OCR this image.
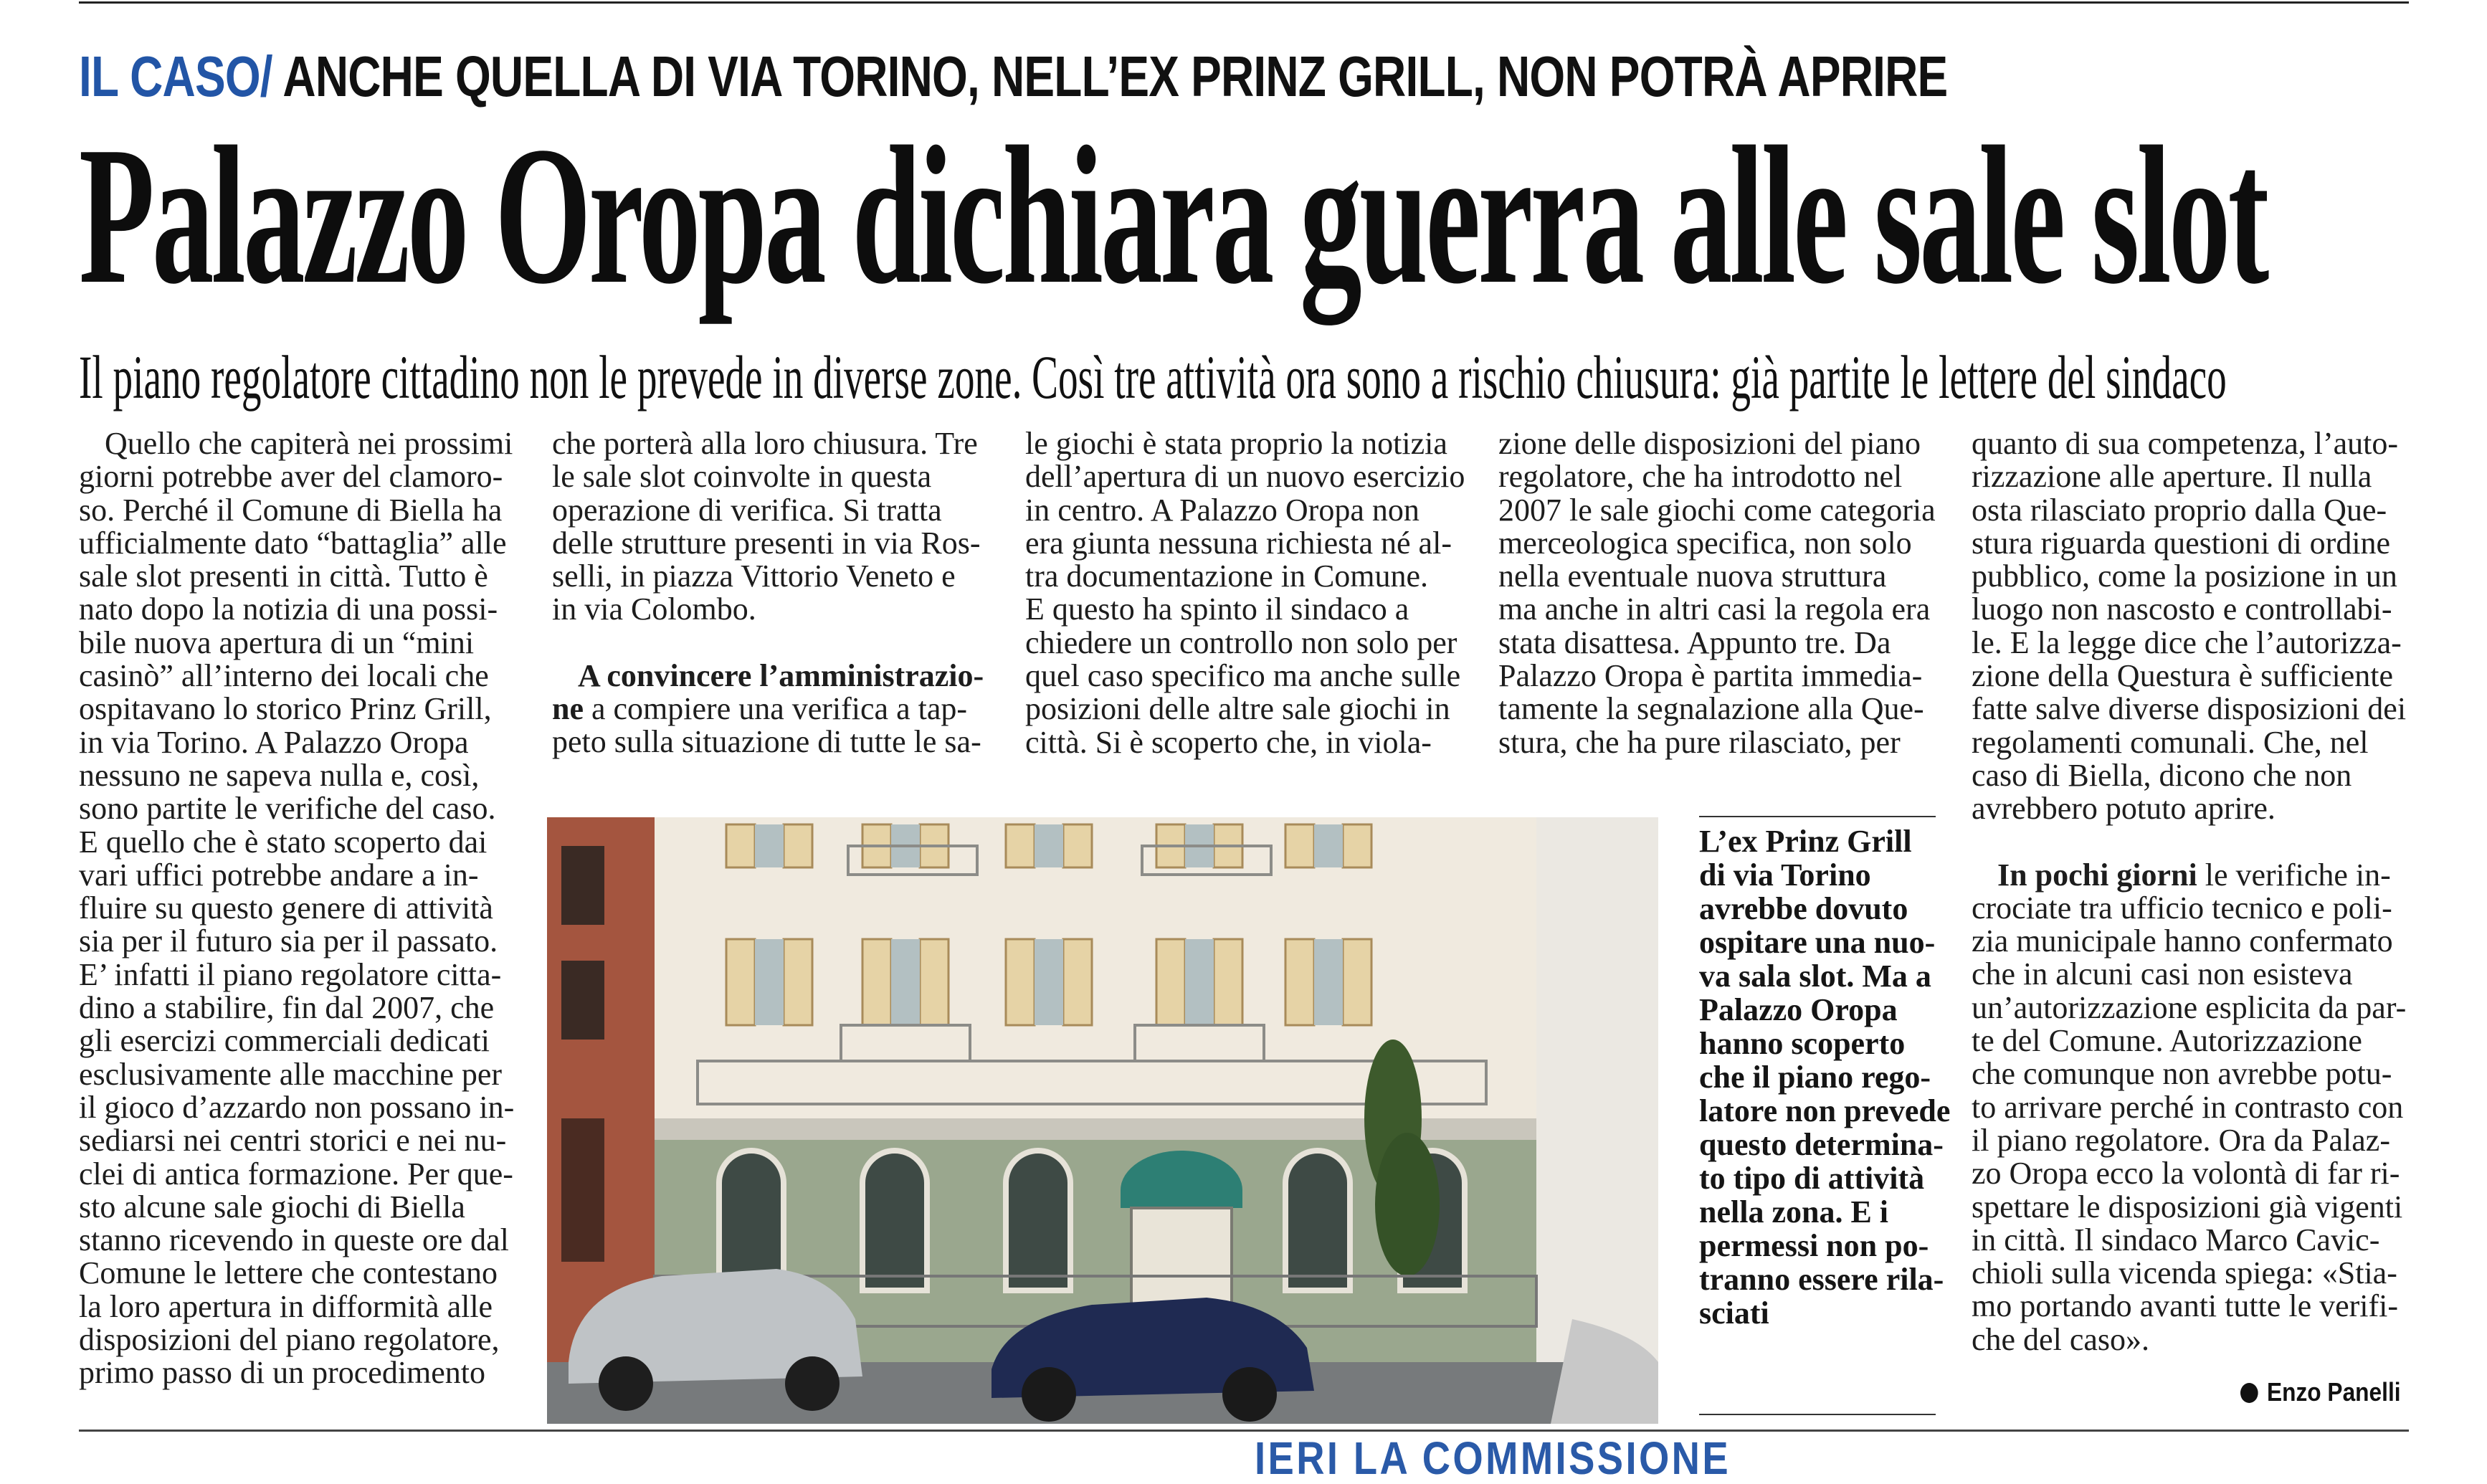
IL CASO/ ANCHE QUELLA DI VIA TORINO, NELL’EX PRINZ GRILL, NON POTRÀ APRIRE
Palazzo Oropa dichiara guerra alle sale slot
Il piano regolatore cittadino non le prevede in diverse zone. Così tre attività ora sono a rischio chiusura: già partite le lettere del sindaco
Quello che capiterà nei prossimi
giorni potrebbe aver del clamoro-
so. Perché il Comune di Biella ha
ufficialmente dato “battaglia” alle
sale slot presenti in città. Tutto è
nato dopo la notizia di una possi-
bile nuova apertura di un “mini
casinò” all’interno dei locali che
ospitavano lo storico Prinz Grill,
in via Torino. A Palazzo Oropa
nessuno ne sapeva nulla e, così,
sono partite le verifiche del caso.
E quello che è stato scoperto dai
vari uffici potrebbe andare a in-
fluire su questo genere di attività
sia per il futuro sia per il passato.
E’ infatti il piano regolatore citta-
dino a stabilire, fin dal 2007, che
gli esercizi commerciali dedicati
esclusivamente alle macchine per
il gioco d’azzardo non possano in-
sediarsi nei centri storici e nei nu-
clei di antica formazione. Per que-
sto alcune sale giochi di Biella
stanno ricevendo in queste ore dal
Comune le lettere che contestano
la loro apertura in difformità alle
disposizioni del piano regolatore,
primo passo di un procedimento
che porterà alla loro chiusura. Tre
le sale slot coinvolte in questa
operazione di verifica. Si tratta
delle strutture presenti in via Ros-
selli, in piazza Vittorio Veneto e
in via Colombo.
A convincere l’amministrazio-
ne a compiere una verifica a tap-
peto sulla situazione di tutte le sa-
le giochi è stata proprio la notizia
dell’apertura di un nuovo esercizio
in centro. A Palazzo Oropa non
era giunta nessuna richiesta né al-
tra documentazione in Comune.
E questo ha spinto il sindaco a
chiedere un controllo non solo per
quel caso specifico ma anche sulle
posizioni delle altre sale giochi in
città. Si è scoperto che, in viola-
zione delle disposizioni del piano
regolatore, che ha introdotto nel
2007 le sale giochi come categoria
merceologica specifica, non solo
nella eventuale nuova struttura
ma anche in altri casi la regola era
stata disattesa. Appunto tre. Da
Palazzo Oropa è partita immedia-
tamente la segnalazione alla Que-
stura, che ha pure rilasciato, per
quanto di sua competenza, l’auto-
rizzazione alle aperture. Il nulla
osta rilasciato proprio dalla Que-
stura riguarda questioni di ordine
pubblico, come la posizione in un
luogo non nascosto e controllabi-
le. E la legge dice che l’autorizza-
zione della Questura è sufficiente
fatte salve diverse disposizioni dei
regolamenti comunali. Che, nel
caso di Biella, dicono che non
avrebbero potuto aprire.
In pochi giorni le verifiche in-
crociate tra ufficio tecnico e poli-
zia municipale hanno confermato
che in alcuni casi non esisteva
un’autorizzazione esplicita da par-
te del Comune. Autorizzazione
che comunque non avrebbe potu-
to arrivare perché in contrasto con
il piano regolatore. Ora da Palaz-
zo Oropa ecco la volontà di far ri-
spettare le disposizioni già vigenti
in città. Il sindaco Marco Cavic-
chioli sulla vicenda spiega: «Stia-
mo portando avanti tutte le verifi-
che del caso».
L’ex Prinz Grill
di via Torino
avrebbe dovuto
ospitare una nuo-
va sala slot. Ma a
Palazzo Oropa
hanno scoperto
che il piano rego-
latore non prevede
questo determina-
to tipo di attività
nella zona. E i
permessi non po-
tranno essere rila-
sciati
Enzo Panelli
IERI LA COMMISSIONE
